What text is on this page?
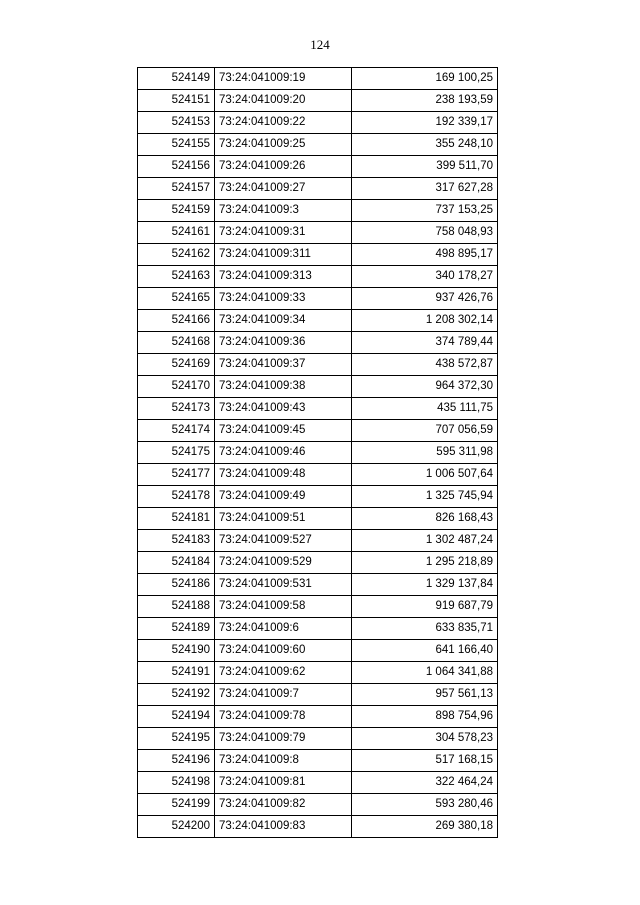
124
524149	73:24:041009:19	169 100,25
524151	73:24:041009:20	238 193,59
524153	73:24:041009:22	192 339,17
524155	73:24:041009:25	355 248,10
524156	73:24:041009:26	399 511,70
524157	73:24:041009:27	317 627,28
524159	73:24:041009:3	737 153,25
524161	73:24:041009:31	758 048,93
524162	73:24:041009:311	498 895,17
524163	73:24:041009:313	340 178,27
524165	73:24:041009:33	937 426,76
524166	73:24:041009:34	1 208 302,14
524168	73:24:041009:36	374 789,44
524169	73:24:041009:37	438 572,87
524170	73:24:041009:38	964 372,30
524173	73:24:041009:43	435 111,75
524174	73:24:041009:45	707 056,59
524175	73:24:041009:46	595 311,98
524177	73:24:041009:48	1 006 507,64
524178	73:24:041009:49	1 325 745,94
524181	73:24:041009:51	826 168,43
524183	73:24:041009:527	1 302 487,24
524184	73:24:041009:529	1 295 218,89
524186	73:24:041009:531	1 329 137,84
524188	73:24:041009:58	919 687,79
524189	73:24:041009:6	633 835,71
524190	73:24:041009:60	641 166,40
524191	73:24:041009:62	1 064 341,88
524192	73:24:041009:7	957 561,13
524194	73:24:041009:78	898 754,96
524195	73:24:041009:79	304 578,23
524196	73:24:041009:8	517 168,15
524198	73:24:041009:81	322 464,24
524199	73:24:041009:82	593 280,46
524200	73:24:041009:83	269 380,18
